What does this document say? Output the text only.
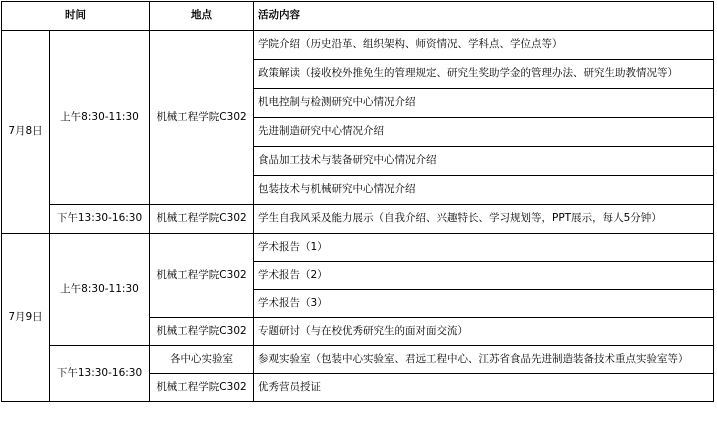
时间		地点	活动内容
7月8日	上午8:30-11:30	机械工程学院C302	学院介绍（历史沿革、组织架构、师资情况、学科点、学位点等）
			政策解读（接收校外推免生的管理规定、研究生奖助学金的管理办法、研究生助教情况等）
			机电控制与检测研究中心情况介绍
			先进制造研究中心情况介绍
			食品加工技术与装备研究中心情况介绍
			包装技术与机械研究中心情况介绍
	下午13:30-16:30	机械工程学院C302	学生自我风采及能力展示（自我介绍、兴趣特长、学习规划等，PPT展示，每人5分钟）
7月9日	上午8:30-11:30	机械工程学院C302	学术报告（1）
			学术报告（2）
			学术报告（3）
		机械工程学院C302	专题研讨（与在校优秀研究生的面对面交流）
	下午13:30-16:30	各中心实验室	参观实验室（包装中心实验室、君远工程中心、江苏省食品先进制造装备技术重点实验室等）
		机械工程学院C302	优秀营员授证
